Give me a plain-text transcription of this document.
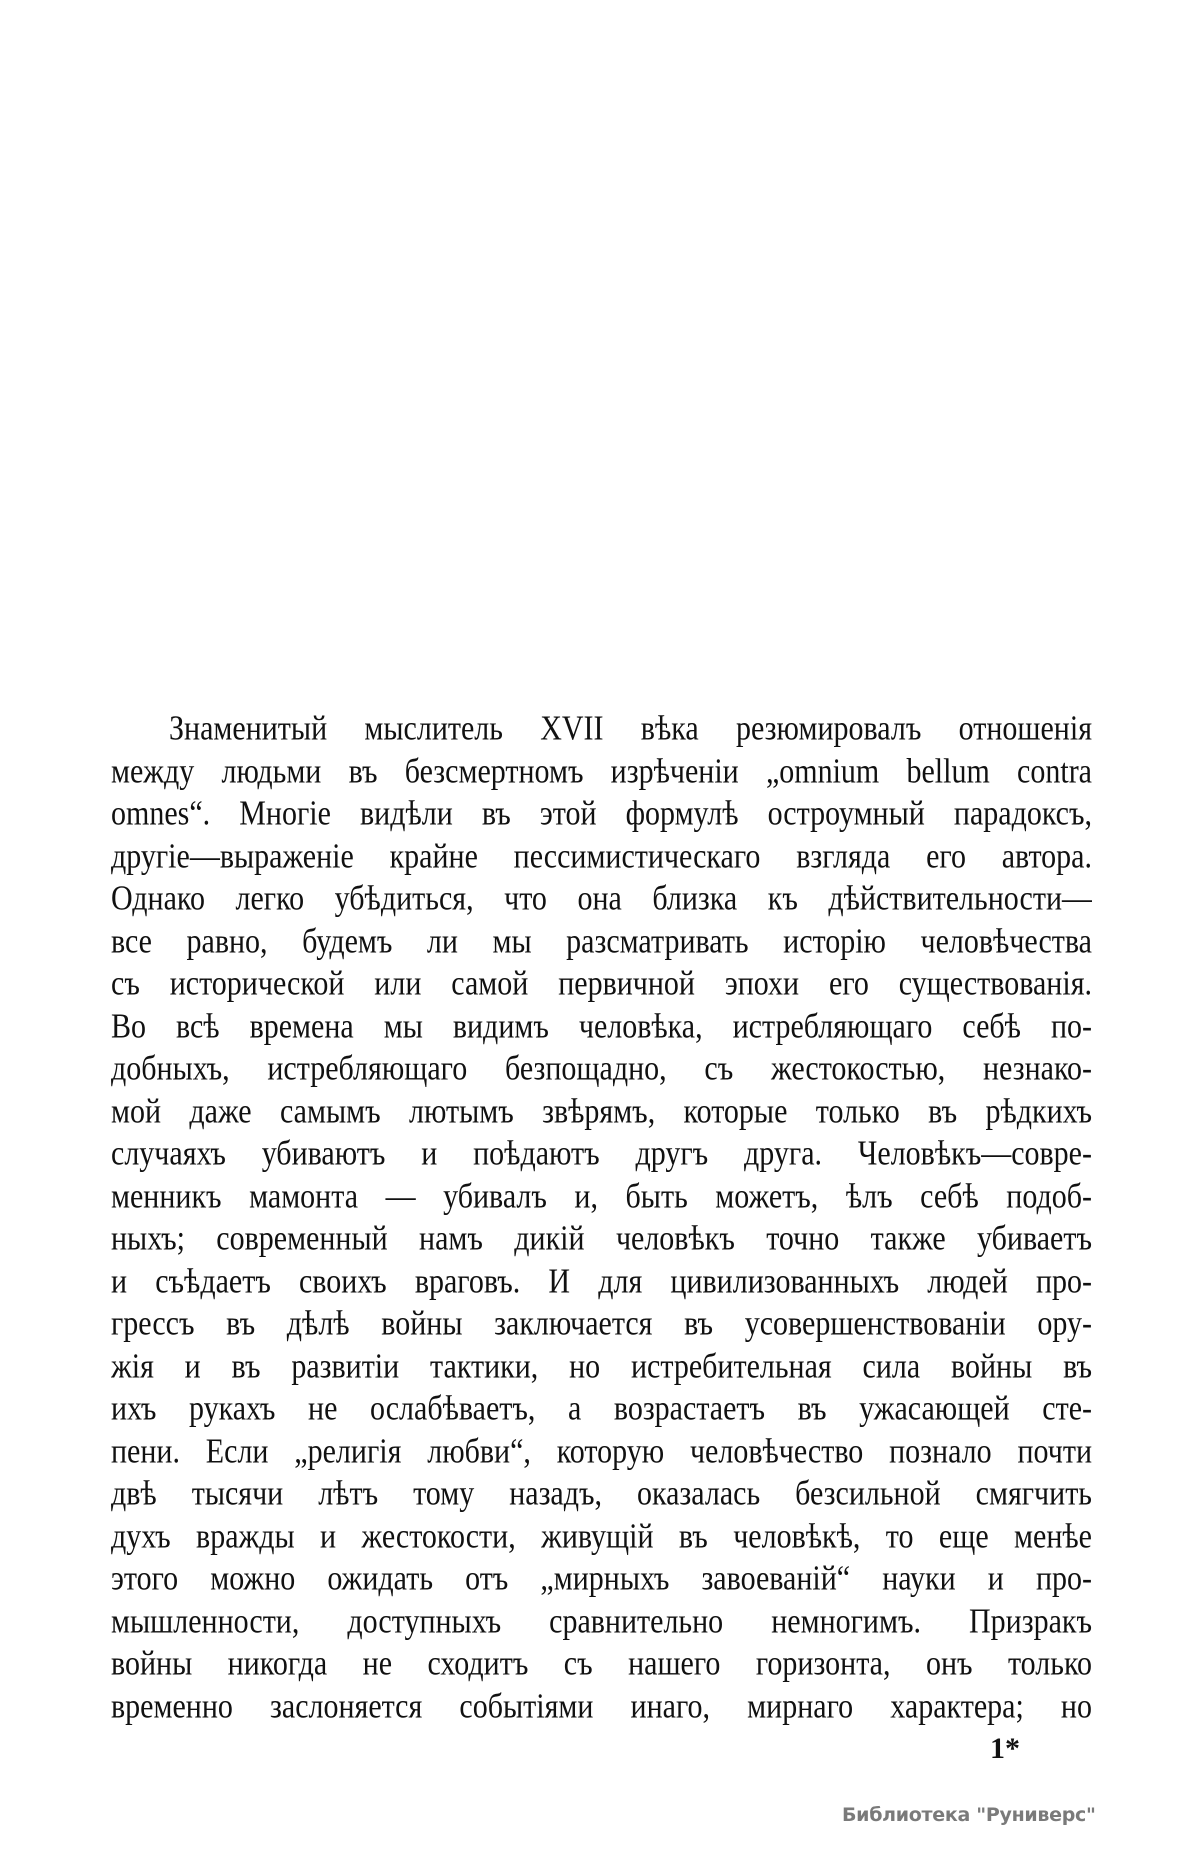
Знаменитый мыслитель XVII вѣка резюмировалъ отношенія
между людьми въ безсмертномъ изрѣченіи „omnium bellum contra
omnes“. Многіе видѣли въ этой формулѣ остроумный парадоксъ,
другіе—выраженіе крайне пессимистическаго взгляда его автора.
Однако легко убѣдиться, что она близка къ дѣйствительности—
все равно, будемъ ли мы разсматривать исторію человѣчества
съ исторической или самой первичной эпохи его существованія.
Во всѣ времена мы видимъ человѣка, истребляющаго себѣ по-
добныхъ, истребляющаго безпощадно, съ жестокостью, незнако-
мой даже самымъ лютымъ звѣрямъ, которые только въ рѣдкихъ
случаяхъ убиваютъ и поѣдаютъ другъ друга. Человѣкъ—совре-
менникъ мамонта — убивалъ и, быть можетъ, ѣлъ себѣ подоб-
ныхъ; современный намъ дикій человѣкъ точно также убиваетъ
и съѣдаетъ своихъ враговъ. И для цивилизованныхъ людей про-
грессъ въ дѣлѣ войны заключается въ усовершенствованіи ору-
жія и въ развитіи тактики, но истребительная сила войны въ
ихъ рукахъ не ослабѣваетъ, а возрастаетъ въ ужасающей сте-
пени. Если „религія любви“, которую человѣчество познало почти
двѣ тысячи лѣтъ тому назадъ, оказалась безсильной смягчить
духъ вражды и жестокости, живущій въ человѣкѣ, то еще менѣе
этого можно ожидать отъ „мирныхъ завоеваній“ науки и про-
мышленности, доступныхъ сравнительно немногимъ. Призракъ
войны никогда не сходитъ съ нашего горизонта, онъ только
временно заслоняется событіями инаго, мирнаго характера; но
1*
Библиотека "Руниверс"
